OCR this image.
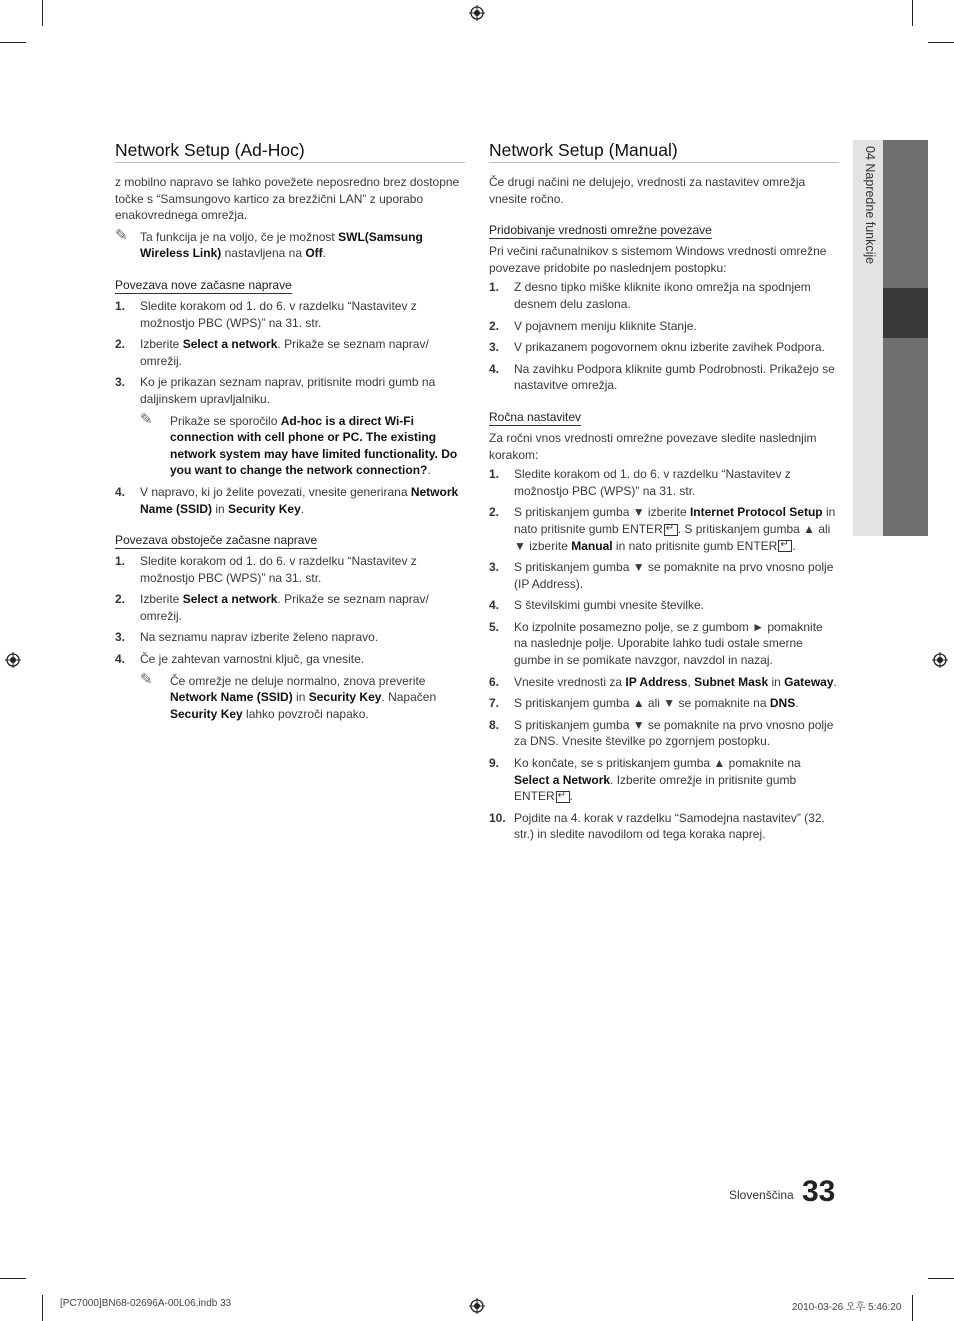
Network Setup (Ad-Hoc)

z mobilno napravo se lahko povežete neposredno brez dostopne točke s “Samsungovo kartico za brezžični LAN” z uporabo enakovrednega omrežja.

✎ Ta funkcija je na voljo, če je možnost SWL(Samsung Wireless Link) nastavljena na Off.
Povezava nove začasne naprave
1. Sledite korakom od 1. do 6. v razdelku “Nastavitev z možnostjo PBC (WPS)” na 31. str.
2. Izberite Select a network. Prikaže se seznam naprav/ omrežij.
3. Ko je prikazan seznam naprav, pritisnite modri gumb na daljinskem upravljalniku.
✎ Prikaže se sporočilo Ad-hoc is a direct Wi-Fi connection with cell phone or PC. The existing network system may have limited functionality. Do you want to change the network connection?.
4. V napravo, ki jo želite povezati, vnesite generirana Network Name (SSID) in Security Key.
Povezava obstoječe začasne naprave
1. Sledite korakom od 1. do 6. v razdelku “Nastavitev z možnostjo PBC (WPS)” na 31. str.
2. Izberite Select a network. Prikaže se seznam naprav/ omrežij.
3. Na seznamu naprav izberite želeno napravo.
4. Če je zahtevan varnostni ključ, ga vnesite.
✎ Če omrežje ne deluje normalno, znova preverite Network Name (SSID) in Security Key. Napačen Security Key lahko povzroči napako.
Network Setup (Manual)

Če drugi načini ne delujejo, vrednosti za nastavitev omrežja vnesite ročno.

Pridobivanje vrednosti omrežne povezave

Pri večini računalnikov s sistemom Windows vrednosti omrežne povezave pridobite po naslednjem postopku:

1. Z desno tipko miške kliknite ikono omrežja na spodnjem desnem delu zaslona.
2. V pojavnem meniju kliknite Stanje.
3. V prikazanem pogovornem oknu izberite zavihek Podpora.
4. Na zavihku Podpora kliknite gumb Podrobnosti. Prikažejo se nastavitve omrežja.
Ročna nastavitev

Za ročni vnos vrednosti omrežne povezave sledite naslednjim korakom:

1. Sledite korakom od 1. do 6. v razdelku “Nastavitev z možnostjo PBC (WPS)” na 31. str.
2. S pritiskanjem gumba ▼ izberite Internet Protocol Setup in nato pritisnite gumb ENTER ↵ . S pritiskanjem gumba ▲ ali ▼ izberite Manual in nato pritisnite gumb ENTER ↵ .
3. S pritiskanjem gumba ▼ se pomaknite na prvo vnosno polje (IP Address).
4. S številskimi gumbi vnesite številke.
5. Ko izpolnite posamezno polje, se z gumbom ► pomaknite na naslednje polje. Uporabite lahko tudi ostale smerne gumbe in se pomikate navzgor, navzdol in nazaj.
6. Vnesite vrednosti za IP Address, Subnet Mask in Gateway.
7. S pritiskanjem gumba ▲ ali ▼ se pomaknite na DNS.
8. S pritiskanjem gumba ▼ se pomaknite na prvo vnosno polje za DNS. Vnesite številke po zgornjem postopku.
9. Ko končate, se s pritiskanjem gumba ▲ pomaknite na Select a Network. Izberite omrežje in pritisnite gumb ENTER ↵ .
10. Pojdite na 4. korak v razdelku “Samodejna nastavitev” (32. str.) in sledite navodilom od tega koraka naprej.
04 Napredne funkcije
Slovenščina 33
[PC7000]BN68-02696A-00L06.indb 33	2010-03-26 오후 5:46:20
